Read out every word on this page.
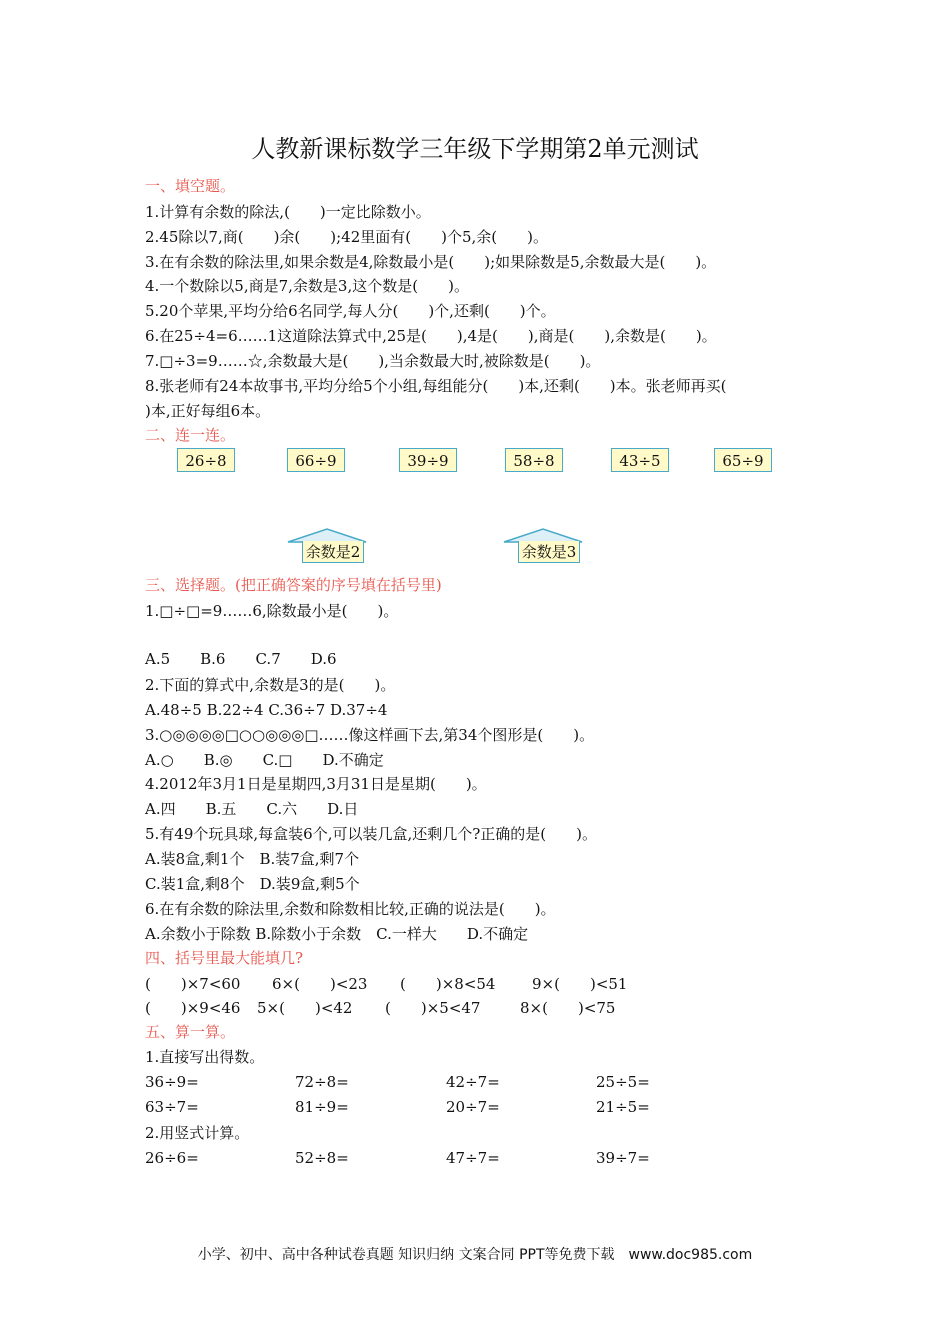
人教新课标数学三年级下学期第2单元测试
一、填空题。
1.计算有余数的除法,(　　)一定比除数小。
2.45除以7,商(　　)余(　　);42里面有(　　)个5,余(　　)。
3.在有余数的除法里,如果余数是4,除数最小是(　　);如果除数是5,余数最大是(　　)。
4.一个数除以5,商是7,余数是3,这个数是(　　)。
5.20个苹果,平均分给6名同学,每人分(　　)个,还剩(　　)个。
6.在25÷4=6……1这道除法算式中,25是(　　),4是(　　),商是(　　),余数是(　　)。
7.□÷3=9……☆,余数最大是(　　),当余数最大时,被除数是(　　)。
8.张老师有24本故事书,平均分给5个小组,每组能分(　　)本,还剩(　　)本。张老师再买(
)本,正好每组6本。
二、连一连。
26÷8	66÷9	39÷9	58÷8	43÷5	65÷9
余数是2	余数是3
三、选择题。(把正确答案的序号填在括号里)
1.□÷□=9……6,除数最小是(　　)。
A.5　　B.6　　C.7　　D.6
2.下面的算式中,余数是3的是(　　)。
A.48÷5 B.22÷4 C.36÷7 D.37÷4
3.○◎◎◎◎□○○◎◎◎□……像这样画下去,第34个图形是(　　)。
A.○　　B.◎　　C.□　　D.不确定
4.2012年3月1日是星期四,3月31日是星期(　　)。
A.四　　B.五　　C.六　　D.日
5.有49个玩具球,每盒装6个,可以装几盒,还剩几个?正确的是(　　)。
A.装8盒,剩1个　B.装7盒,剩7个
C.装1盒,剩8个　D.装9盒,剩5个
6.在有余数的除法里,余数和除数相比较,正确的说法是(　　)。
A.余数小于除数 B.除数小于余数　C.一样大　　D.不确定
四、括号里最大能填几?
(　　)×7<60 6×(　　)<23 (　　)×8<54 9×(　　)<51
(　　)×9<46 5×(　　)<42 (　　)×5<47	8×(　　)<75
五、算一算。
1.直接写出得数。
36÷9=	72÷8=	42÷7=	25÷5=
63÷7=	81÷9=	20÷7=	21÷5=
2.用竖式计算。
26÷6=	52÷8=	47÷7=	39÷7=
小学、初中、高中各种试卷真题 知识归纳 文案合同 PPT等免费下载　www.doc985.com
